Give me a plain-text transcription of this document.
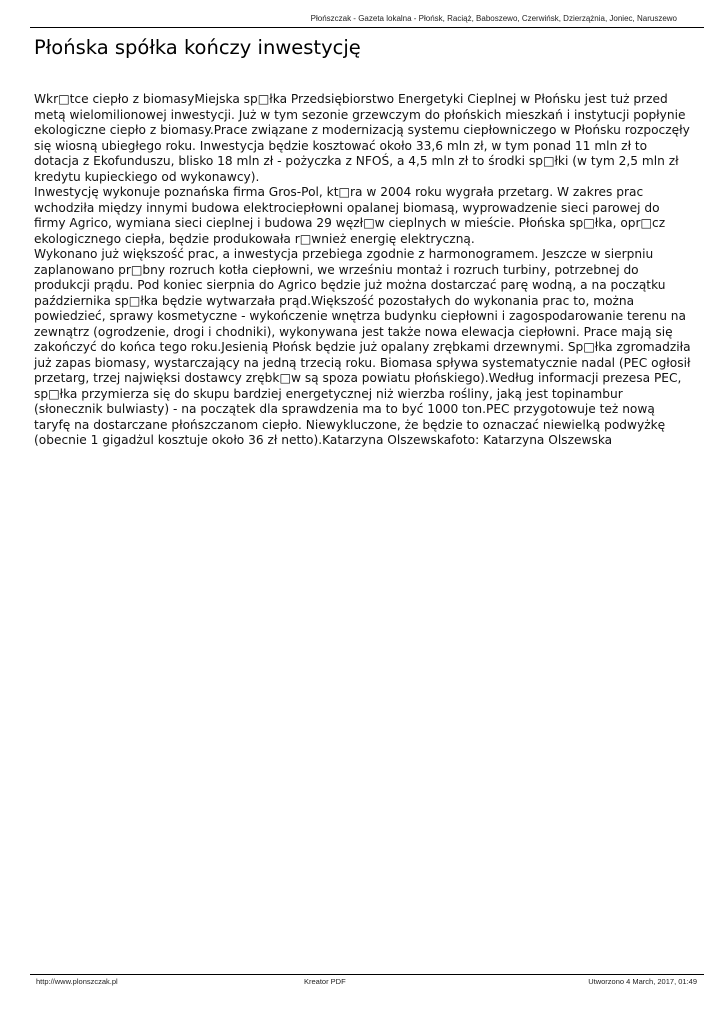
Płońszczak - Gazeta lokalna - Płońsk, Raciąż, Baboszewo, Czerwińsk, Dzierzążnia, Joniec, Naruszewo
Płońska spółka kończy inwestycję

Wkr□tce ciepło z biomasyMiejska sp□łka Przedsiębiorstwo Energetyki Cieplnej w Płońsku jest tuż przed metą wielomilionowej inwestycji. Już w tym sezonie grzewczym do płońskich mieszkań i instytucji popłynie ekologiczne ciepło z biomasy.Prace związane z modernizacją systemu ciepłowniczego w Płońsku rozpoczęły się wiosną ubiegłego roku. Inwestycja będzie kosztować około 33,6 mln zł, w tym ponad 11 mln zł to dotacja z Ekofunduszu, blisko 18 mln zł - pożyczka z NFOŚ, a 4,5 mln zł to środki sp□łki (w tym 2,5 mln zł kredytu kupieckiego od wykonawcy).

Inwestycję wykonuje poznańska firma Gros-Pol, kt□ra w 2004 roku wygrała przetarg. W zakres prac wchodziła między innymi budowa elektrociepłowni opalanej biomasą, wyprowadzenie sieci parowej do firmy Agrico, wymiana sieci cieplnej i budowa 29 węzł□w cieplnych w mieście. Płońska sp□łka, opr□cz ekologicznego ciepła, będzie produkowała r□wnież energię elektryczną.

Wykonano już większość prac, a inwestycja przebiega zgodnie z harmonogramem. Jeszcze w sierpniu zaplanowano pr□bny rozruch kotła ciepłowni, we wrześniu montaż i rozruch turbiny, potrzebnej do produkcji prądu. Pod koniec sierpnia do Agrico będzie już można dostarczać parę wodną, a na początku października sp□łka będzie wytwarzała prąd.Większość pozostałych do wykonania prac to, można powiedzieć, sprawy kosmetyczne - wykończenie wnętrza budynku ciepłowni i zagospodarowanie terenu na zewnątrz (ogrodzenie, drogi i chodniki), wykonywana jest także nowa elewacja ciepłowni. Prace mają się zakończyć do końca tego roku.Jesienią Płońsk będzie już opalany zrębkami drzewnymi. Sp□łka zgromadziła już zapas biomasy, wystarczający na jedną trzecią roku. Biomasa spływa systematycznie nadal (PEC ogłosił przetarg, trzej najwięksi dostawcy zrębk□w są spoza powiatu płońskiego).Według informacji prezesa PEC, sp□łka przymierza się do skupu bardziej energetycznej niż wierzba rośliny, jaką jest topinambur (słonecznik bulwiasty) - na początek dla sprawdzenia ma to być 1000 ton.PEC przygotowuje też nową taryfę na dostarczane płońszczanom ciepło. Niewykluczone, że będzie to oznaczać niewielką podwyżkę (obecnie 1 gigadżul kosztuje około 36 zł netto).Katarzyna Olszewskafoto: Katarzyna Olszewska

http://www.plonszczak.pl	Kreator PDF	Utworzono 4 March, 2017, 01:49
